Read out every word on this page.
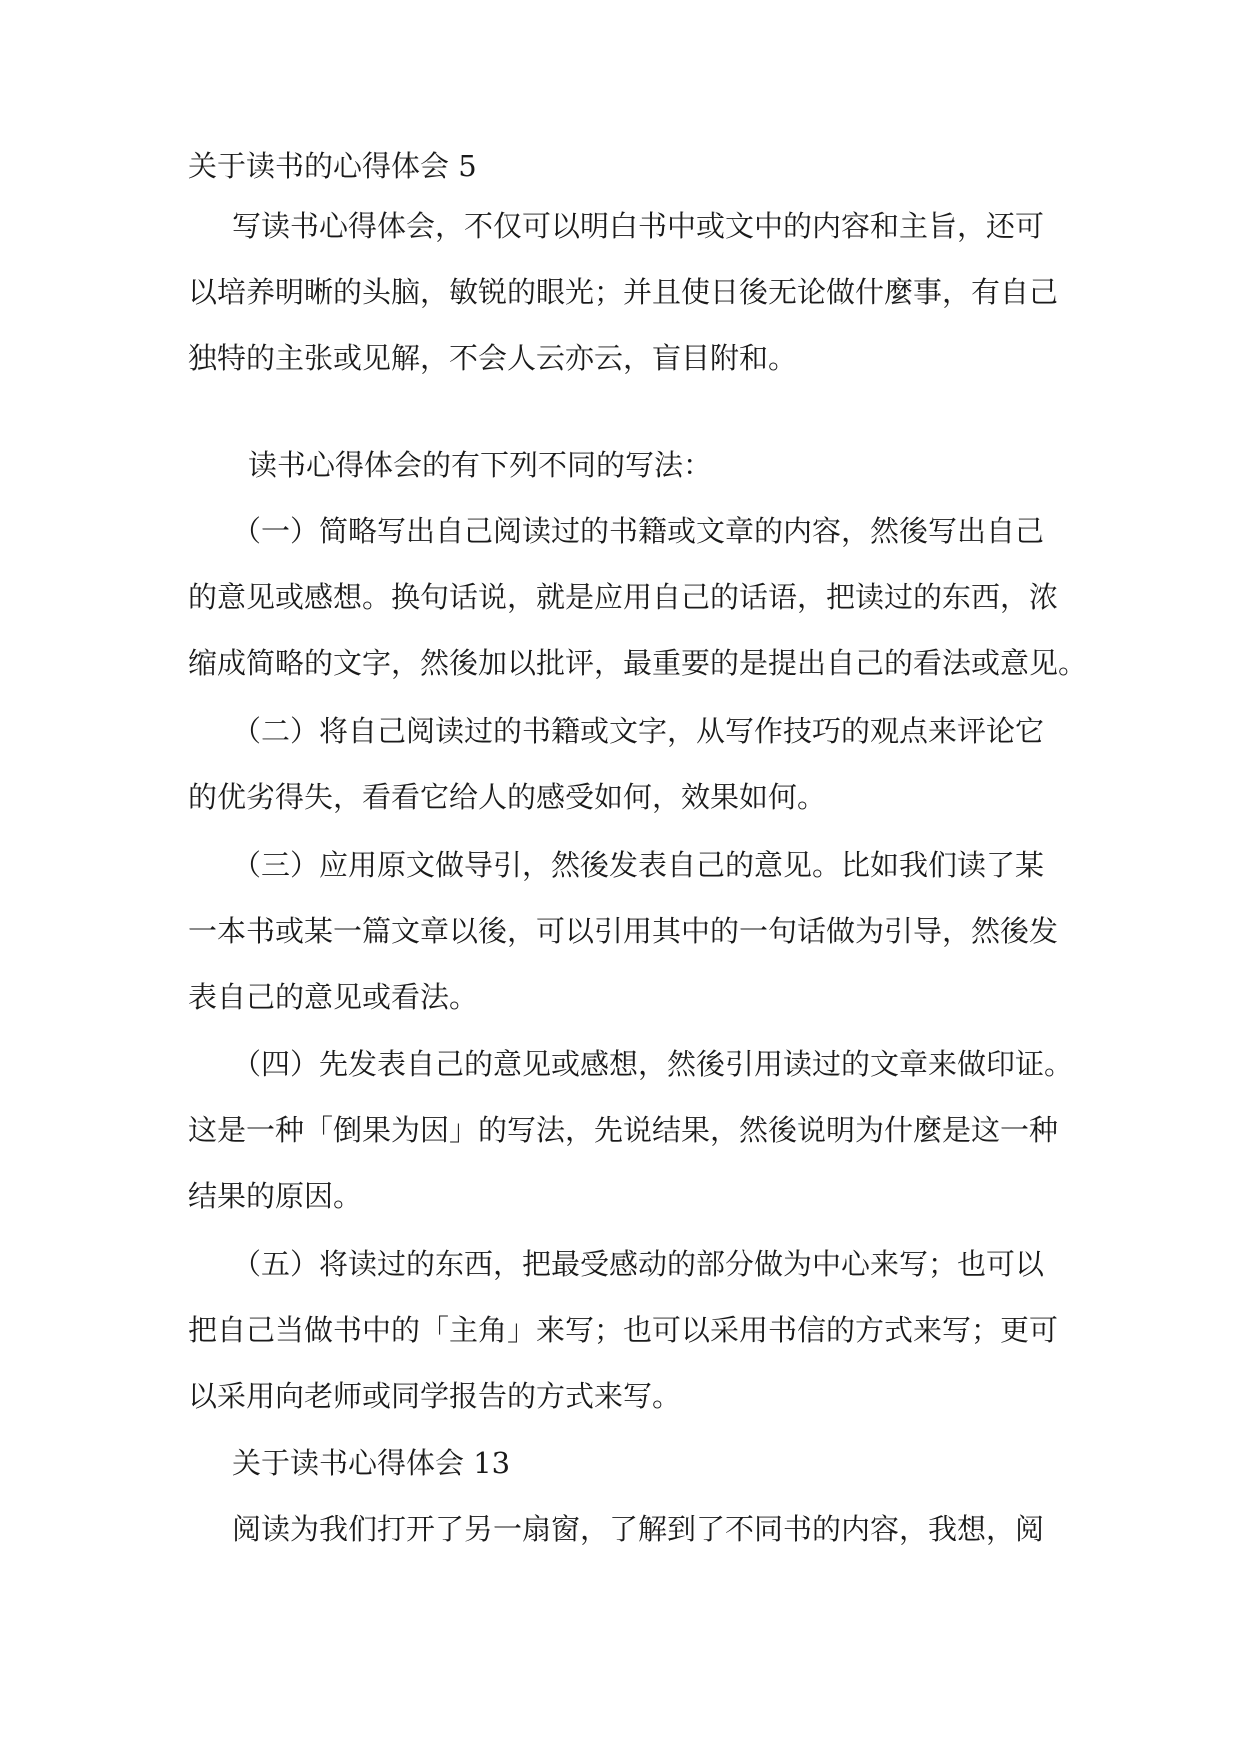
关于读书的心得体会 5
写读书心得体会，不仅可以明白书中或文中的内容和主旨，还可
以培养明晰的头脑，敏锐的眼光；并且使日後无论做什麼事，有自己
独特的主张或见解，不会人云亦云，盲目附和。
读书心得体会的有下列不同的写法：
（一）简略写出自己阅读过的书籍或文章的内容，然後写出自己
的意见或感想。换句话说，就是应用自己的话语，把读过的东西，浓
缩成简略的文字，然後加以批评，最重要的是提出自己的看法或意见。
（二）将自己阅读过的书籍或文字，从写作技巧的观点来评论它
的优劣得失，看看它给人的感受如何，效果如何。
（三）应用原文做导引，然後发表自己的意见。比如我们读了某
一本书或某一篇文章以後，可以引用其中的一句话做为引导，然後发
表自己的意见或看法。
（四）先发表自己的意见或感想，然後引用读过的文章来做印证。
这是一种「倒果为因」的写法，先说结果，然後说明为什麼是这一种
结果的原因。
（五）将读过的东西，把最受感动的部分做为中心来写；也可以
把自己当做书中的「主角」来写；也可以采用书信的方式来写；更可
以采用向老师或同学报告的方式来写。
关于读书心得体会 13
阅读为我们打开了另一扇窗，了解到了不同书的内容，我想，阅
